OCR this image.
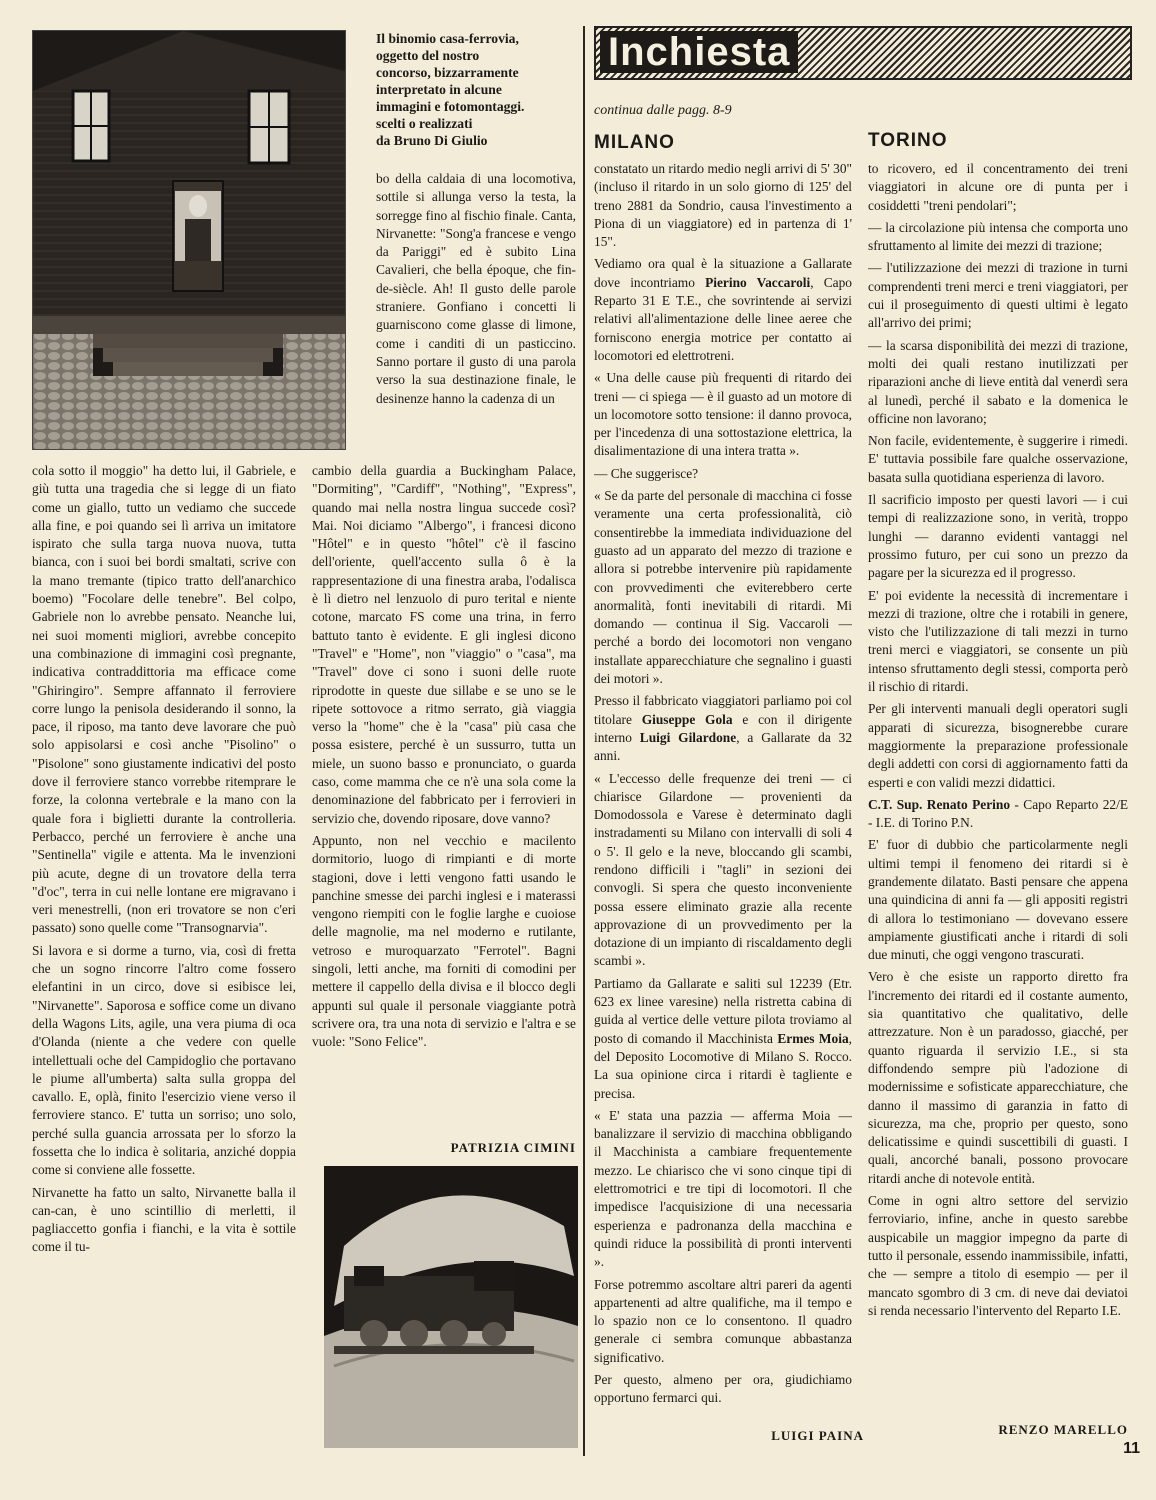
Il binomio casa-ferrovia,
oggetto del nostro
concorso, bizzarramente
interpretato in alcune
immagini e fotomontaggi.
scelti o realizzati
da Bruno Di Giulio

bo della caldaia di una locomotiva, sottile si allunga verso la testa, la sorregge fino al fischio finale. Canta, Nirvanette: "Song'a francese e vengo da Pariggi" ed è subito Lina Cavalieri, che bella époque, che fin-de-siècle. Ah! Il gusto delle parole straniere. Gonfiano i concetti li guarniscono come glasse di limone, come i canditi di un pasticcino. Sanno portare il gusto di una parola verso la sua destinazione finale, le desinenze hanno la cadenza di un

cola sotto il moggio" ha detto lui, il Gabriele, e giù tutta una tragedia che si legge di un fiato come un giallo, tutto un vediamo che succede alla fine, e poi quando sei lì arriva un imitatore ispirato che sulla targa nuova nuova, tutta bianca, con i suoi bei bordi smaltati, scrive con la mano tremante (tipico tratto dell'anarchico boemo) "Focolare delle tenebre". Bel colpo, Gabriele non lo avrebbe pensato. Neanche lui, nei suoi momenti migliori, avrebbe concepito una combinazione di immagini così pregnante, indicativa contraddittoria ma efficace come "Ghiringiro". Sempre affannato il ferroviere corre lungo la penisola desiderando il sonno, la pace, il riposo, ma tanto deve lavorare che può solo appisolarsi e così anche "Pisolino" o "Pisolone" sono giustamente indicativi del posto dove il ferroviere stanco vorrebbe ritemprare le forze, la colonna vertebrale e la mano con la quale fora i biglietti durante la controlleria. Perbacco, perché un ferroviere è anche una "Sentinella" vigile e attenta. Ma le invenzioni più acute, degne di un trovatore della terra "d'oc", terra in cui nelle lontane ere migravano i veri menestrelli, (non eri trovatore se non c'eri passato) sono quelle come "Transognarvia".

Si lavora e si dorme a turno, via, così di fretta che un sogno rincorre l'altro come fossero elefantini in un circo, dove si esibisce lei, "Nirvanette". Saporosa e soffice come un divano della Wagons Lits, agile, una vera piuma di oca d'Olanda (niente a che vedere con quelle intellettuali oche del Campidoglio che portavano le piume all'umberta) salta sulla groppa del cavallo. E, oplà, finito l'esercizio viene verso il ferroviere stanco. E' tutta un sorriso; uno solo, perché sulla guancia arrossata per lo sforzo la fossetta che lo indica è solitaria, anziché doppia come si conviene alle fossette.

Nirvanette ha fatto un salto, Nirvanette balla il can-can, è uno scintillio di merletti, il pagliaccetto gonfia i fianchi, e la vita è sottile come il tu-

cambio della guardia a Buckingham Palace, "Dormiting", "Cardiff", "Nothing", "Express", quando mai nella nostra lingua succede così? Mai. Noi diciamo "Albergo", i francesi dicono "Hôtel" e in questo "hôtel" c'è il fascino dell'oriente, quell'accento sulla ô è la rappresentazione di una finestra araba, l'odalisca è lì dietro nel lenzuolo di puro terital e niente cotone, marcato FS come una trina, in ferro battuto tanto è evidente. E gli inglesi dicono "Travel" e "Home", non "viaggio" o "casa", ma "Travel" dove ci sono i suoni delle ruote riprodotte in queste due sillabe e se uno se le ripete sottovoce a ritmo serrato, già viaggia verso la "home" che è la "casa" più casa che possa esistere, perché è un sussurro, tutta un miele, un suono basso e pronunciato, o guarda caso, come mamma che ce n'è una sola come la denominazione del fabbricato per i ferrovieri in servizio che, dovendo riposare, dove vanno?

Appunto, non nel vecchio e macilento dormitorio, luogo di rimpianti e di morte stagioni, dove i letti vengono fatti usando le panchine smesse dei parchi inglesi e i materassi vengono riempiti con le foglie larghe e cuoiose delle magnolie, ma nel moderno e rutilante, vetroso e muroquarzato "Ferrotel". Bagni singoli, letti anche, ma forniti di comodini per mettere il cappello della divisa e il blocco degli appunti sul quale il personale viaggiante potrà scrivere ora, tra una nota di servizio e l'altra e se vuole: "Sono Felice".

PATRIZIA CIMINI
Inchiesta
continua dalle pagg. 8-9
MILANO	TORINO

constatato un ritardo medio negli arrivi di 5' 30" (incluso il ritardo in un solo giorno di 125' del treno 2881 da Sondrio, causa l'investimento a Piona di un viaggiatore) ed in partenza di 1' 15".

Vediamo ora qual è la situazione a Gallarate dove incontriamo Pierino Vaccaroli, Capo Reparto 31 E T.E., che sovrintende ai servizi relativi all'alimentazione delle linee aeree che forniscono energia motrice per contatto ai locomotori ed elettrotreni.

« Una delle cause più frequenti di ritardo dei treni — ci spiega — è il guasto ad un motore di un locomotore sotto tensione: il danno provoca, per l'incedenza di una sottostazione elettrica, la disalimentazione di una intera tratta ».

— Che suggerisce?

« Se da parte del personale di macchina ci fosse veramente una certa professionalità, ciò consentirebbe la immediata individuazione del guasto ad un apparato del mezzo di trazione e allora si potrebbe intervenire più rapidamente con provvedimenti che eviterebbero certe anormalità, fonti inevitabili di ritardi. Mi domando — continua il Sig. Vaccaroli — perché a bordo dei locomotori non vengano installate apparecchiature che segnalino i guasti dei motori ».

Presso il fabbricato viaggiatori parliamo poi col titolare Giuseppe Gola e con il dirigente interno Luigi Gilardone, a Gallarate da 32 anni.

« L'eccesso delle frequenze dei treni — ci chiarisce Gilardone — provenienti da Domodossola e Varese è determinato dagli instradamenti su Milano con intervalli di soli 4 o 5'. Il gelo e la neve, bloccando gli scambi, rendono difficili i "tagli" in sezioni dei convogli. Si spera che questo inconveniente possa essere eliminato grazie alla recente approvazione di un provvedimento per la dotazione di un impianto di riscaldamento degli scambi ».

Partiamo da Gallarate e saliti sul 12239 (Etr. 623 ex linee varesine) nella ristretta cabina di guida al vertice delle vetture pilota troviamo al posto di comando il Macchinista Ermes Moia, del Deposito Locomotive di Milano S. Rocco. La sua opinione circa i ritardi è tagliente e precisa.

« E' stata una pazzia — afferma Moia — banalizzare il servizio di macchina obbligando il Macchinista a cambiare frequentemente mezzo. Le chiariscо che vi sono cinque tipi di elettromotrici e tre tipi di locomotori. Il che impedisce l'acquisizione di una necessaria esperienza e padronanza della macchina e quindi riduce la possibilità di pronti interventi ».

Forse potremmo ascoltare altri pareri da agenti appartenenti ad altre qualifiche, ma il tempo e lo spazio non ce lo consentono. Il quadro generale ci sembra comunque abbastanza significativo.

Per questo, almeno per ora, giudichiamo opportuno fermarci qui.

LUIGI PAINA

to ricovero, ed il concentramento dei treni viaggiatori in alcune ore di punta per i cosiddetti "treni pendolari";

— la circolazione più intensa che comporta uno sfruttamento al limite dei mezzi di trazione;

— l'utilizzazione dei mezzi di trazione in turni comprendenti treni merci e treni viaggiatori, per cui il proseguimento di questi ultimi è legato all'arrivo dei primi;

— la scarsa disponibilità dei mezzi di trazione, molti dei quali restano inutilizzati per riparazioni anche di lieve entità dal venerdì sera al lunedì, perché il sabato e la domenica le officine non lavorano;

Non facile, evidentemente, è suggerire i rimedi. E' tuttavia possibile fare qualche osservazione, basata sulla quotidiana esperienza di lavoro.

Il sacrificio imposto per questi lavori — i cui tempi di realizzazione sono, in verità, troppo lunghi — daranno evidenti vantaggi nel prossimo futuro, per cui sono un prezzo da pagare per la sicurezza ed il progresso.

E' poi evidente la necessità di incrementare i mezzi di trazione, oltre che i rotabili in genere, visto che l'utilizzazione di tali mezzi in turno treni merci e viaggiatori, se consente un più intenso sfruttamento degli stessi, comporta però il rischio di ritardi.

Per gli interventi manuali degli operatori sugli apparati di sicurezza, bisognerebbe curare maggiormente la preparazione professionale degli addetti con corsi di aggiornamento fatti da esperti e con validi mezzi didattici.

C.T. Sup. Renato Perino - Capo Reparto 22/E - I.E. di Torino P.N.

E' fuor di dubbio che particolarmente negli ultimi tempi il fenomeno dei ritardi si è grandemente dilatato. Basti pensare che appena una quindicina di anni fa — gli appositi registri di allora lo testimoniano — dovevano essere ampiamente giustificati anche i ritardi di soli due minuti, che oggi vengono trascurati.

Vero è che esiste un rapporto diretto fra l'incremento dei ritardi ed il costante aumento, sia quantitativo che qualitativo, delle attrezzature. Non è un paradosso, giacché, per quanto riguarda il servizio I.E., si sta diffondendo sempre più l'adozione di modernissime e sofisticate apparecchiature, che danno il massimo di garanzia in fatto di sicurezza, ma che, proprio per questo, sono delicatissime e quindi suscettibili di guasti. I quali, ancorché banali, possono provocare ritardi anche di notevole entità.

Come in ogni altro settore del servizio ferroviario, infine, anche in questo sarebbe auspicabile un maggior impegno da parte di tutto il personale, essendo inammissibile, infatti, che — sempre a titolo di esempio — per il mancato sgombro di 3 cm. di neve dai deviatoi si renda necessario l'intervento del Reparto I.E.

RENZO MARELLO
11
